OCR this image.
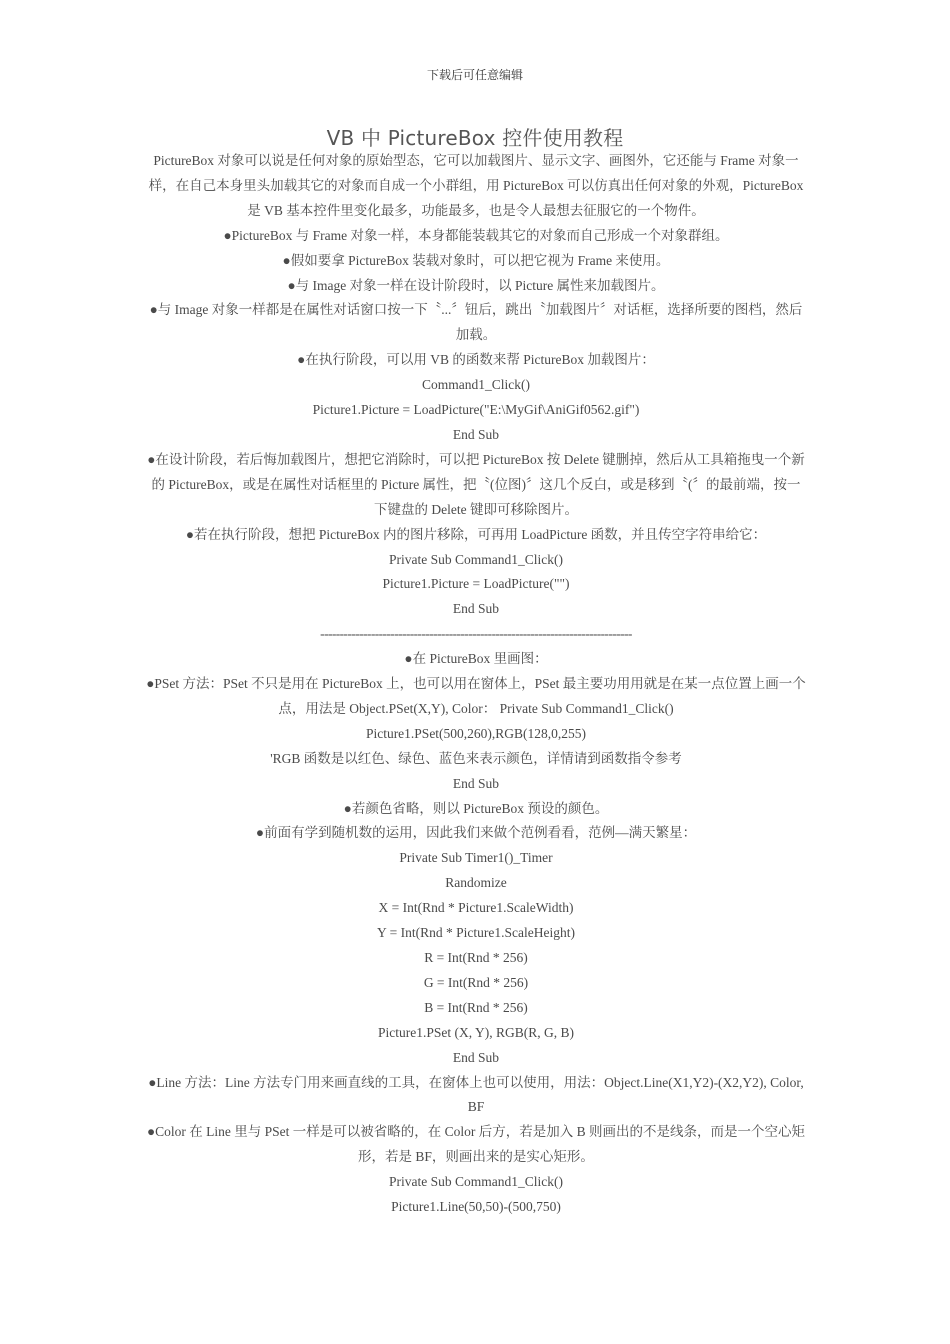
下载后可任意编辑
VB 中 PictureBox 控件使用教程

PictureBox 对象可以说是任何对象的原始型态，它可以加载图片、显示文字、画图外，它还能与 Frame 对象一样，在自己本身里头加载其它的对象而自成一个小群组，用 PictureBox 可以仿真出任何对象的外观，PictureBox 是 VB 基本控件里变化最多，功能最多，也是令人最想去征服它的一个物件。

●PictureBox 与 Frame 对象一样，本身都能装载其它的对象而自己形成一个对象群组。

●假如要拿 PictureBox 装载对象时，可以把它视为 Frame 来使用。

●与 Image 对象一样在设计阶段时，以 Picture 属性来加载图片。

●与 Image 对象一样都是在属性对话窗口按一下〝...〞钮后，跳出〝加载图片〞对话框，选择所要的图档，然后加载。

●在执行阶段，可以用 VB 的函数来帮 PictureBox 加载图片：

Command1_Click()

Picture1.Picture = LoadPicture("E:\MyGif\AniGif0562.gif")

End Sub

●在设计阶段，若后悔加载图片，想把它消除时，可以把 PictureBox 按 Delete 键删掉，然后从工具箱拖曳一个新的 PictureBox，或是在属性对话框里的 Picture 属性，把〝(位图)〞这几个反白，或是移到〝(〞的最前端，按一下键盘的 Delete 键即可移除图片。

●若在执行阶段，想把 PictureBox 内的图片移除，可再用 LoadPicture 函数，并且传空字符串给它：

Private Sub Command1_Click()

Picture1.Picture = LoadPicture("")

End Sub

--------------------------------------------------------------------------------

●在 PictureBox 里画图：

●PSet 方法：PSet 不只是用在 PictureBox 上，也可以用在窗体上，PSet 最主要功用用就是在某一点位置上画一个点，用法是 Object.PSet(X,Y), Color： Private Sub Command1_Click()

Picture1.PSet(500,260),RGB(128,0,255)

'RGB 函数是以红色、绿色、蓝色来表示颜色，详情请到函数指令参考

End Sub

●若颜色省略，则以 PictureBox 预设的颜色。

●前面有学到随机数的运用，因此我们来做个范例看看，范例—满天繁星：

Private Sub Timer1()_Timer

Randomize

X = Int(Rnd * Picture1.ScaleWidth)

Y = Int(Rnd * Picture1.ScaleHeight)

R = Int(Rnd * 256)

G = Int(Rnd * 256)

B = Int(Rnd * 256)

Picture1.PSet (X, Y), RGB(R, G, B)

End Sub

●Line 方法：Line 方法专门用来画直线的工具，在窗体上也可以使用，用法：Object.Line(X1,Y2)-(X2,Y2), Color, BF

●Color 在 Line 里与 PSet 一样是可以被省略的，在 Color 后方，若是加入 B 则画出的不是线条，而是一个空心矩形，若是 BF，则画出来的是实心矩形。

Private Sub Command1_Click()

Picture1.Line(50,50)-(500,750)
